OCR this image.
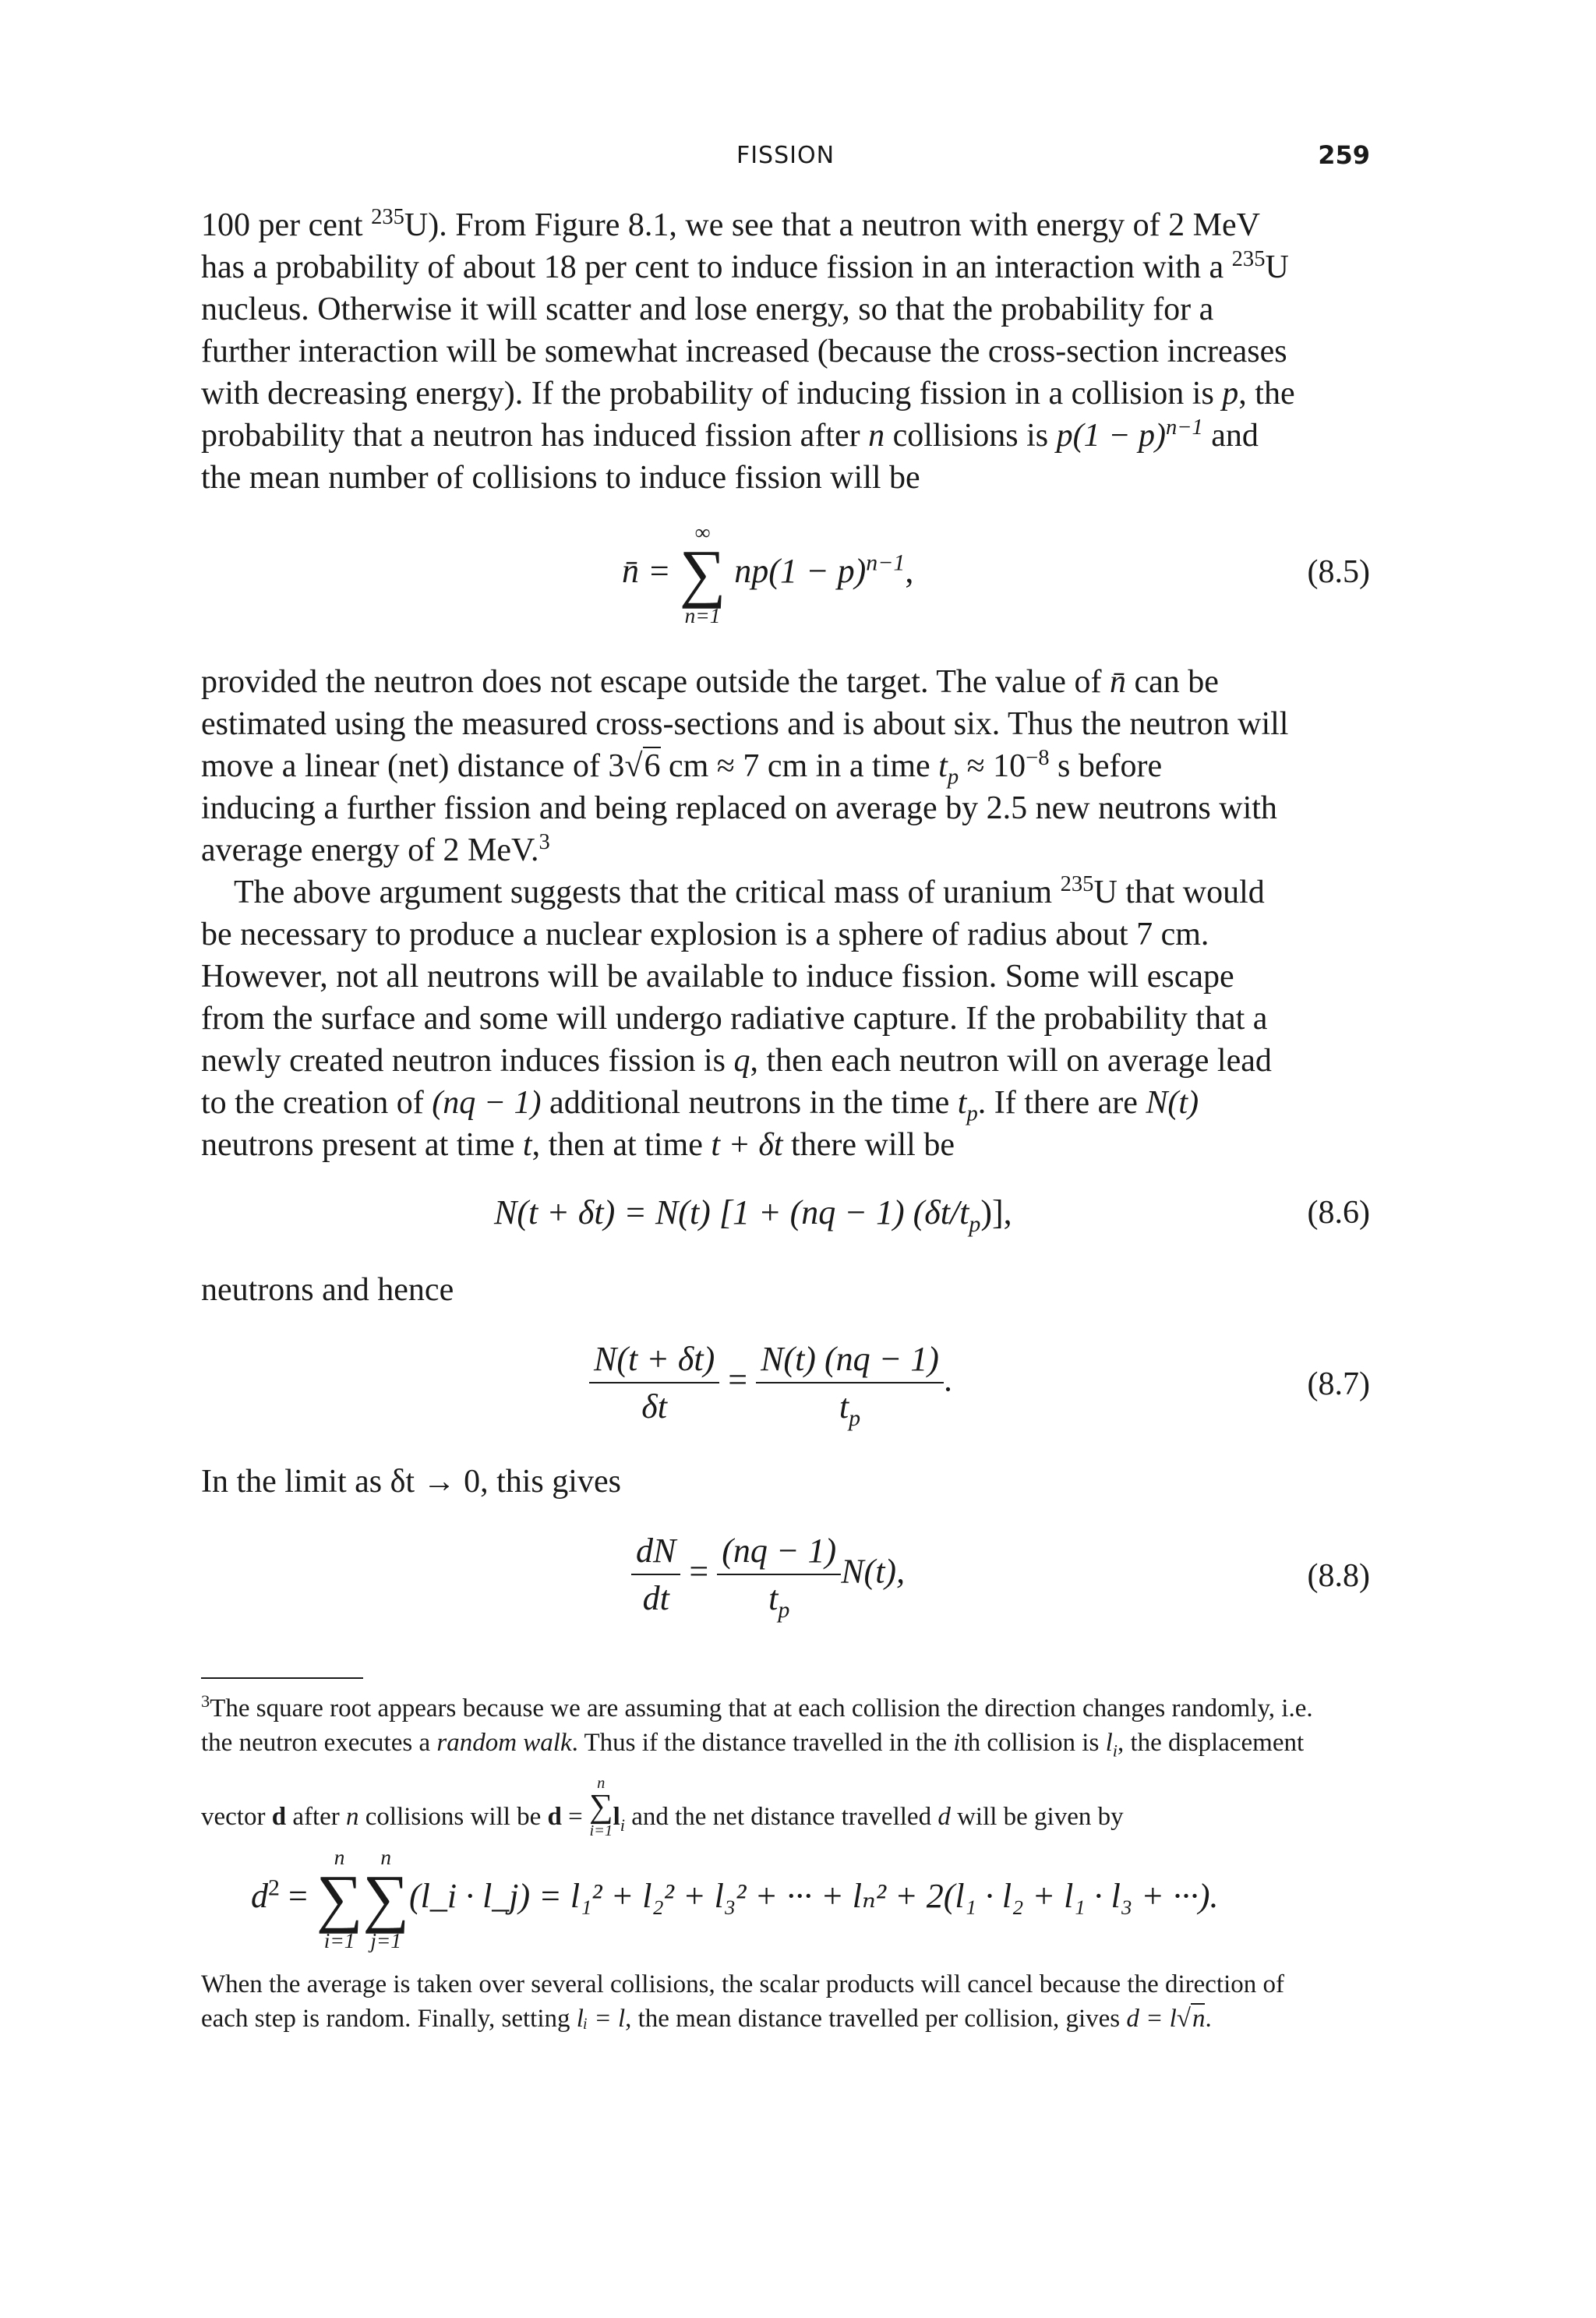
FISSION	259

100 per cent $^{235}$U). From Figure 8.1, we see that a neutron with energy of 2 MeV
has a probability of about 18 per cent to induce fission in an interaction with a $^{235}$U
nucleus. Otherwise it will scatter and lose energy, so that the probability for a
further interaction will be somewhat increased (because the cross-section increases
with decreasing energy). If the probability of inducing fission in a collision is p, the
probability that a neutron has induced fission after n collisions is $p(1 - p)^{n-1}$ and
the mean number of collisions to induce fission will be

n̄ =
∞
∑
n=1
$np(1 - p)^{n-1}$,	(8.5)

provided the neutron does not escape outside the target. The value of n̄ can be
estimated using the measured cross-sections and is about six. Thus the neutron will
move a linear (net) distance of 3√6 cm ≈ 7 cm in a time $t_p \approx 10^{-8}$ s before
inducing a further fission and being replaced on average by 2.5 new neutrons with
average energy of 2 MeV.$^3$

The above argument suggests that the critical mass of uranium $^{235}$U that would
be necessary to produce a nuclear explosion is a sphere of radius about 7 cm.
However, not all neutrons will be available to induce fission. Some will escape
from the surface and some will undergo radiative capture. If the probability that a
newly created neutron induces fission is q, then each neutron will on average lead
to the creation of (nq − 1) additional neutrons in the time $t_p$. If there are N(t)
neutrons present at time t, then at time t + δt there will be

N(t + δt) = N(t) [1 + (nq − 1) $(\delta t/t_p)$],	(8.6)

neutrons and hence

$\frac{N(t + \delta t)}{\delta t} = \frac{N(t) (nq - 1)}{t_p}$ .	(8.7)

In the limit as δt → 0, this gives

$\frac{dN}{dt} = \frac{(nq - 1)}{t_p} N(t)$,	(8.8)

$^3$The square root appears because we are assuming that at each collision the direction changes randomly, i.e.
the neutron executes a random walk. Thus if the distance travelled in the ith collision is $l_i$, the displacement

vector d after n collisions will be d =
n
∑
i=1 $l_i$ and the net distance travelled d will be given by
$d^2$ =
n
∑
i=1
n
∑
j=1
(l_i · l_j) = l₁² + l₂² + l₃² + ··· + lₙ² + 2(l₁ · l₂ + l₁ · l₃ + ···).

When the average is taken over several collisions, the scalar products will cancel because the direction of
each step is random. Finally, setting lᵢ = l, the mean distance travelled per collision, gives d = l√n.
